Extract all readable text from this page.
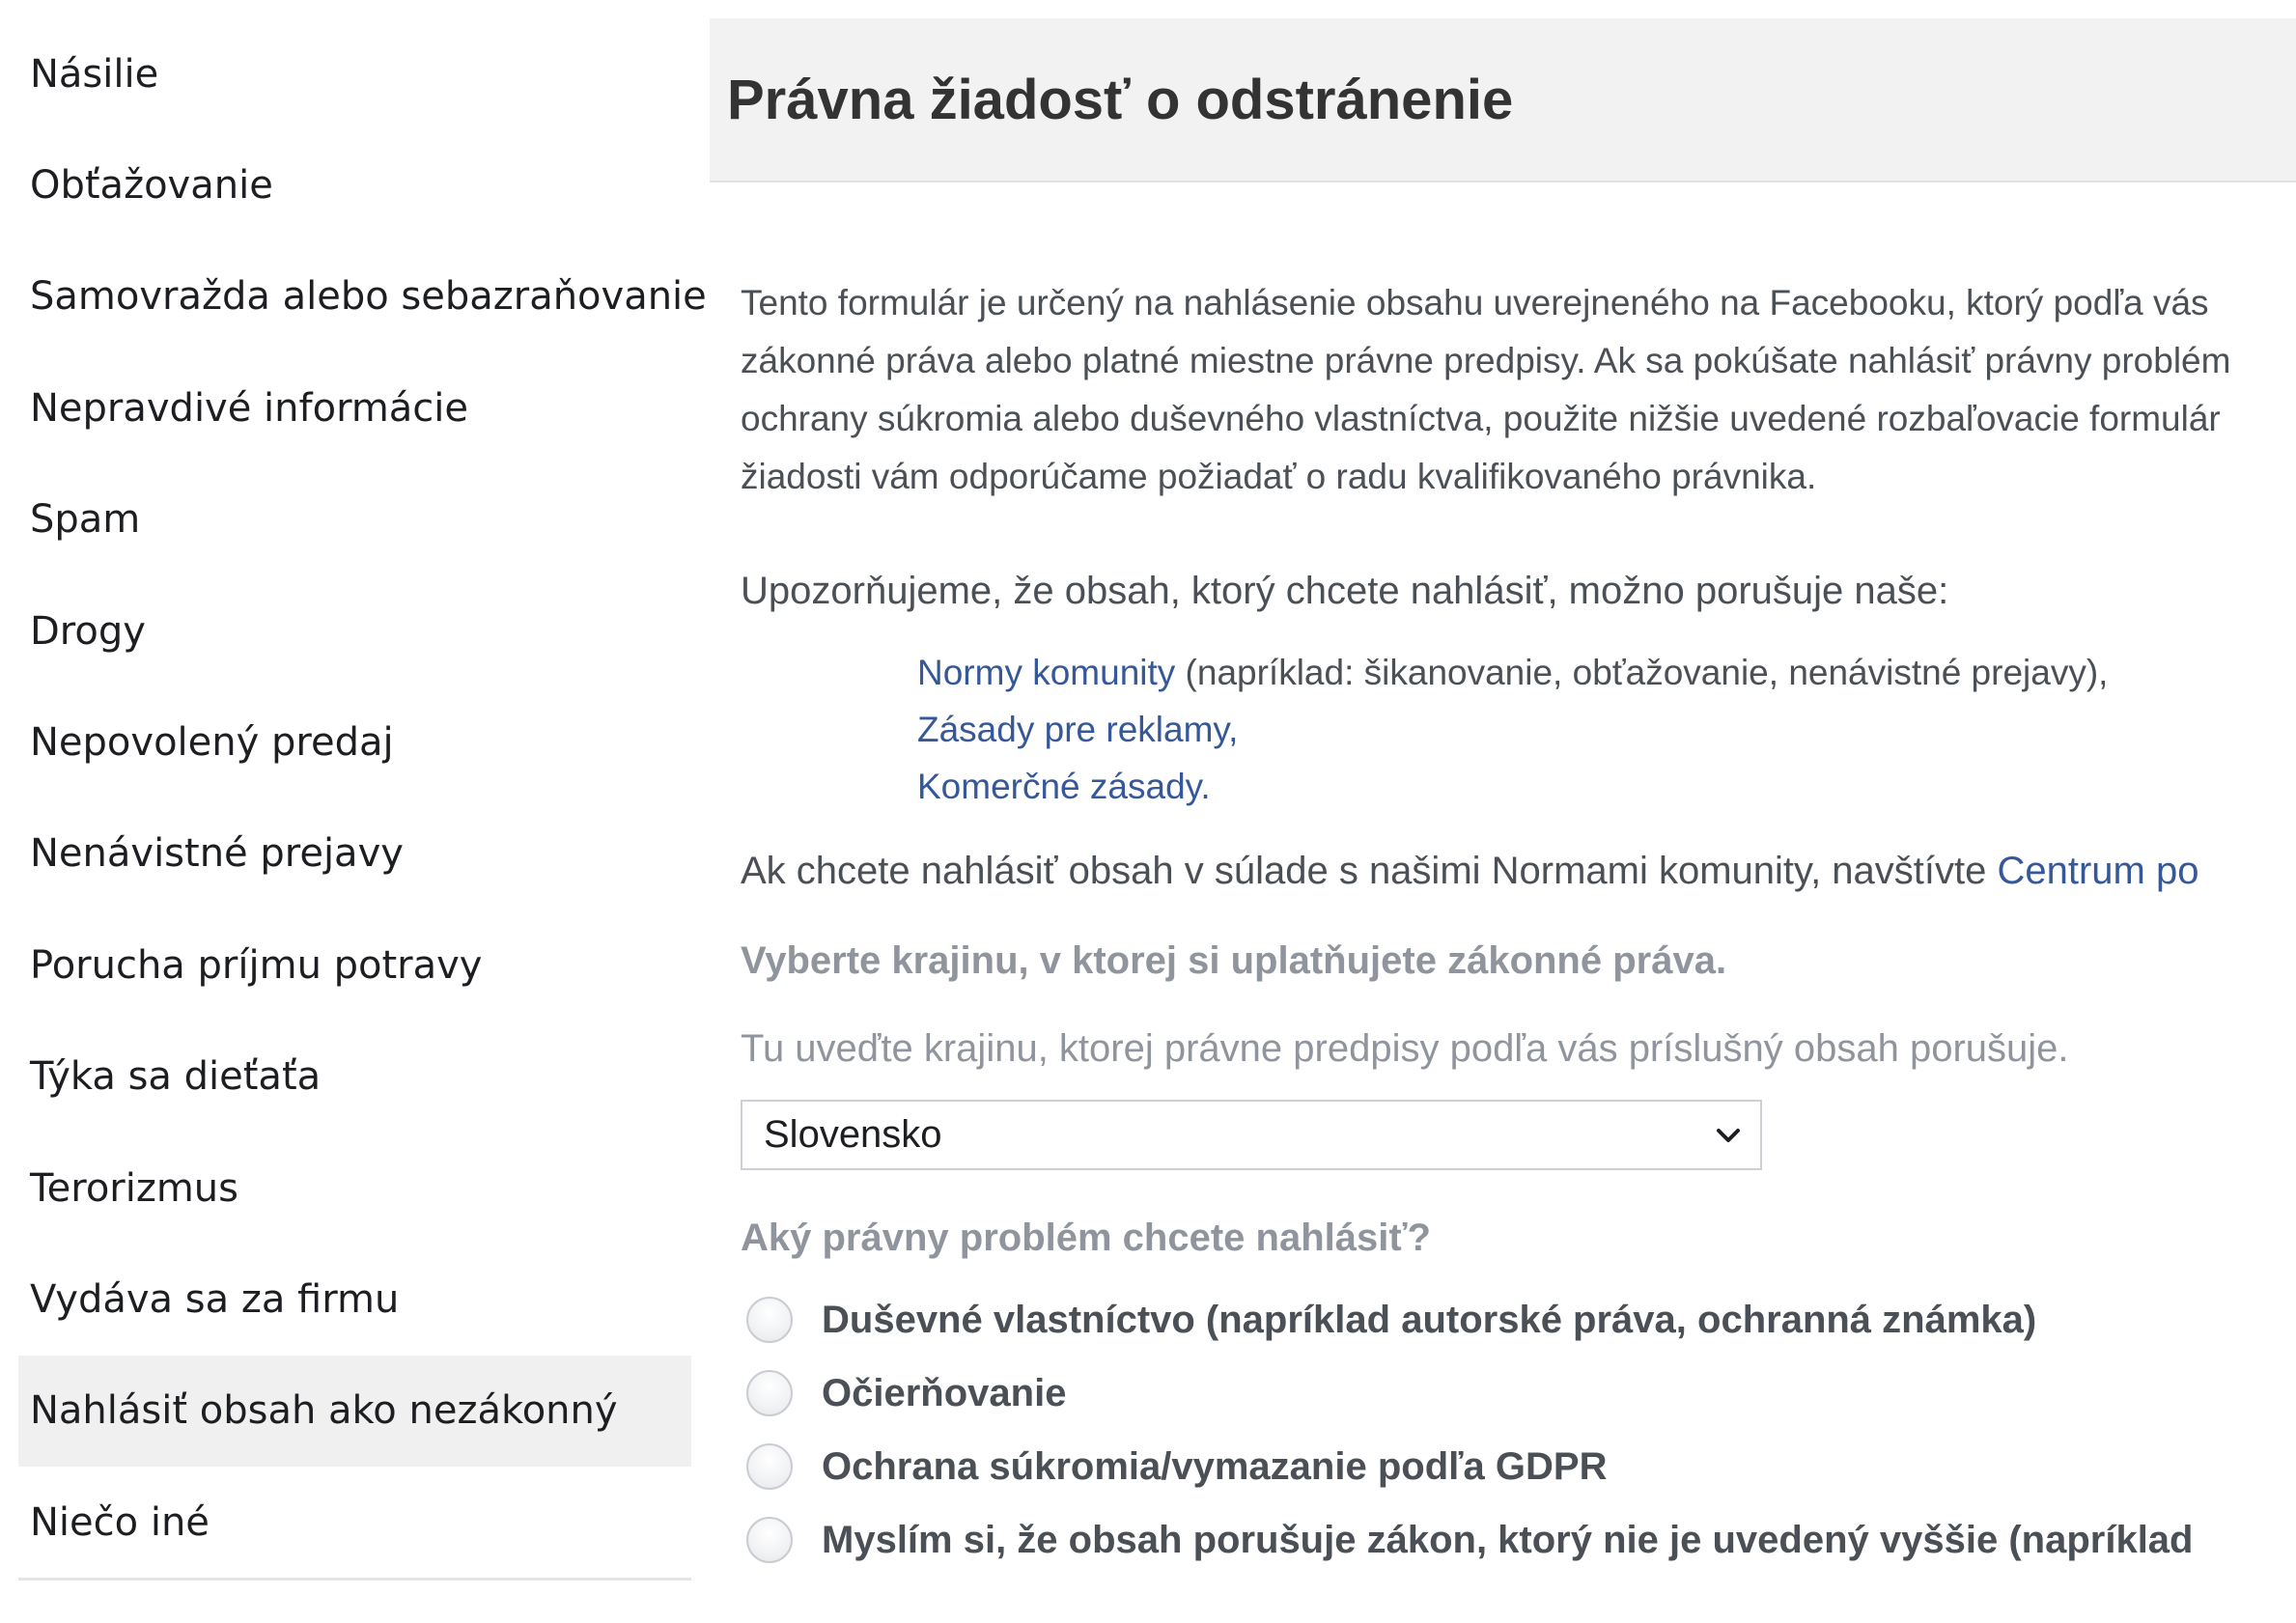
Násilie
Obťažovanie
Samovražda alebo sebazraňovanie
Nepravdivé informácie
Spam
Drogy
Nepovolený predaj
Nenávistné prejavy
Porucha príjmu potravy
Týka sa dieťaťa
Terorizmus
Vydáva sa za firmu
Nahlásiť obsah ako nezákonný
Niečo iné
Právna žiadosť o odstránenie
Tento formulár je určený na nahlásenie obsahu uverejneného na Facebooku, ktorý podľa vás
zákonné práva alebo platné miestne právne predpisy. Ak sa pokúšate nahlásiť právny problém
ochrany súkromia alebo duševného vlastníctva, použite nižšie uvedené rozbaľovacie formulár
žiadosti vám odporúčame požiadať o radu kvalifikovaného právnika.
Upozorňujeme, že obsah, ktorý chcete nahlásiť, možno porušuje naše:
Normy komunity (napríklad: šikanovanie, obťažovanie, nenávistné prejavy),
Zásady pre reklamy,
Komerčné zásady.
Ak chcete nahlásiť obsah v súlade s našimi Normami komunity, navštívte Centrum po
Vyberte krajinu, v ktorej si uplatňujete zákonné práva.
Tu uveďte krajinu, ktorej právne predpisy podľa vás príslušný obsah porušuje.
Slovensko
Aký právny problém chcete nahlásiť?
Duševné vlastníctvo (napríklad autorské práva, ochranná známka)
Očierňovanie
Ochrana súkromia/vymazanie podľa GDPR
Myslím si, že obsah porušuje zákon, ktorý nie je uvedený vyššie (napríklad
